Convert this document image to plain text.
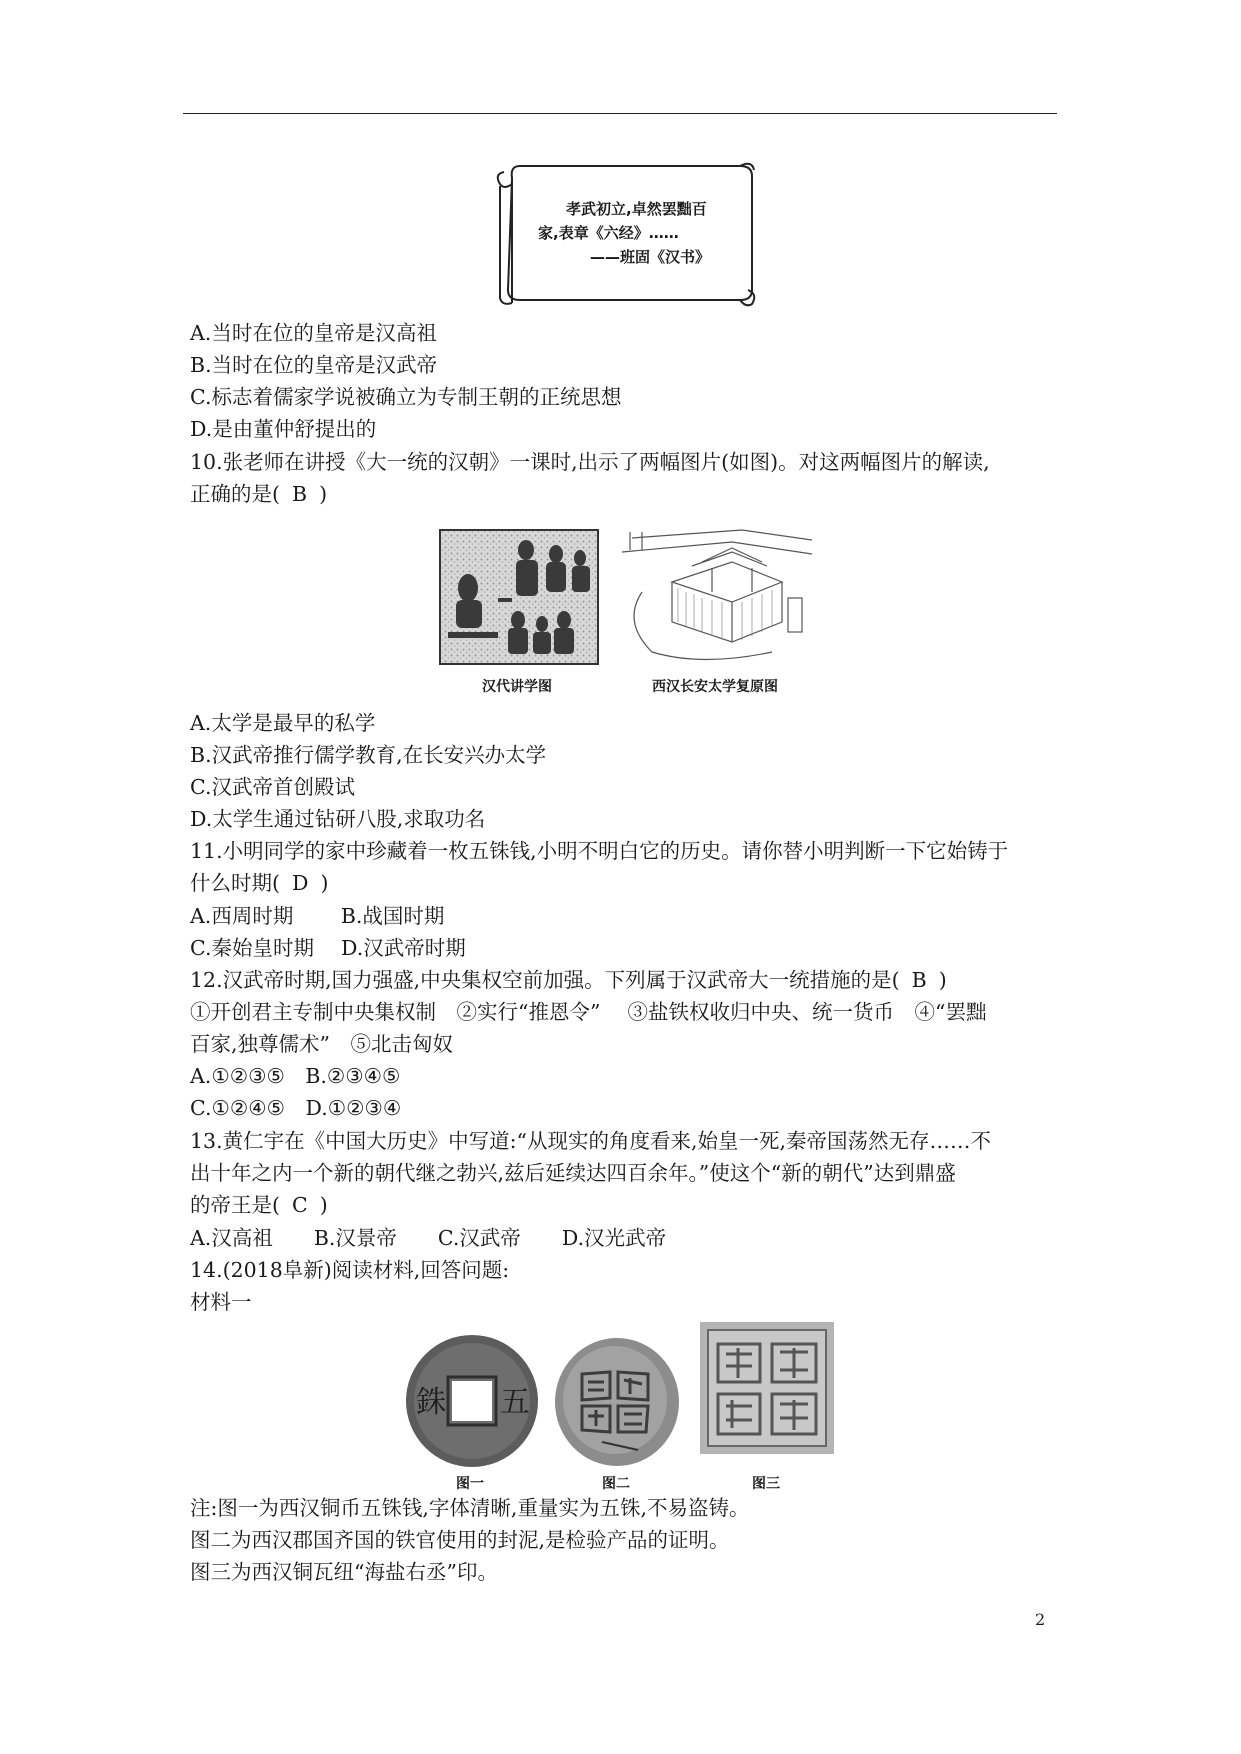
孝武初立,卓然罢黜百
家,表章《六经》……
——班固《汉书》
A.当时在位的皇帝是汉高祖
B.当时在位的皇帝是汉武帝
C.标志着儒家学说被确立为专制王朝的正统思想
D.是由董仲舒提出的
10.张老师在讲授《大一统的汉朝》一课时,出示了两幅图片(如图)。对这两幅图片的解读,
正确的是( B )
汉代讲学图	西汉长安太学复原图
A.太学是最早的私学
B.汉武帝推行儒学教育,在长安兴办太学
C.汉武帝首创殿试
D.太学生通过钻研八股,求取功名
11.小明同学的家中珍藏着一枚五铢钱,小明不明白它的历史。请你替小明判断一下它始铸于
什么时期( D )
A.西周时期　　 B.战国时期
C.秦始皇时期　 D.汉武帝时期
12.汉武帝时期,国力强盛,中央集权空前加强。下列属于汉武帝大一统措施的是( B )
①开创君主专制中央集权制　②实行“推恩令”　 ③盐铁权收归中央、统一货币　④“罢黜
百家,独尊儒术”　⑤北击匈奴
A.①②③⑤　B.②③④⑤
C.①②④⑤　D.①②③④
13.黄仁宇在《中国大历史》中写道:“从现实的角度看来,始皇一死,秦帝国荡然无存……不
出十年之内一个新的朝代继之勃兴,兹后延续达四百余年。”使这个“新的朝代”达到鼎盛
的帝王是( C )
A.汉高祖　　B.汉景帝　　C.汉武帝　　D.汉光武帝
14.(2018阜新)阅读材料,回答问题:
材料一
銖 五
图一	图二	图三
注:图一为西汉铜币五铢钱,字体清晰,重量实为五铢,不易盗铸。
图二为西汉郡国齐国的铁官使用的封泥,是检验产品的证明。
图三为西汉铜瓦纽“海盐右丞”印。
2
